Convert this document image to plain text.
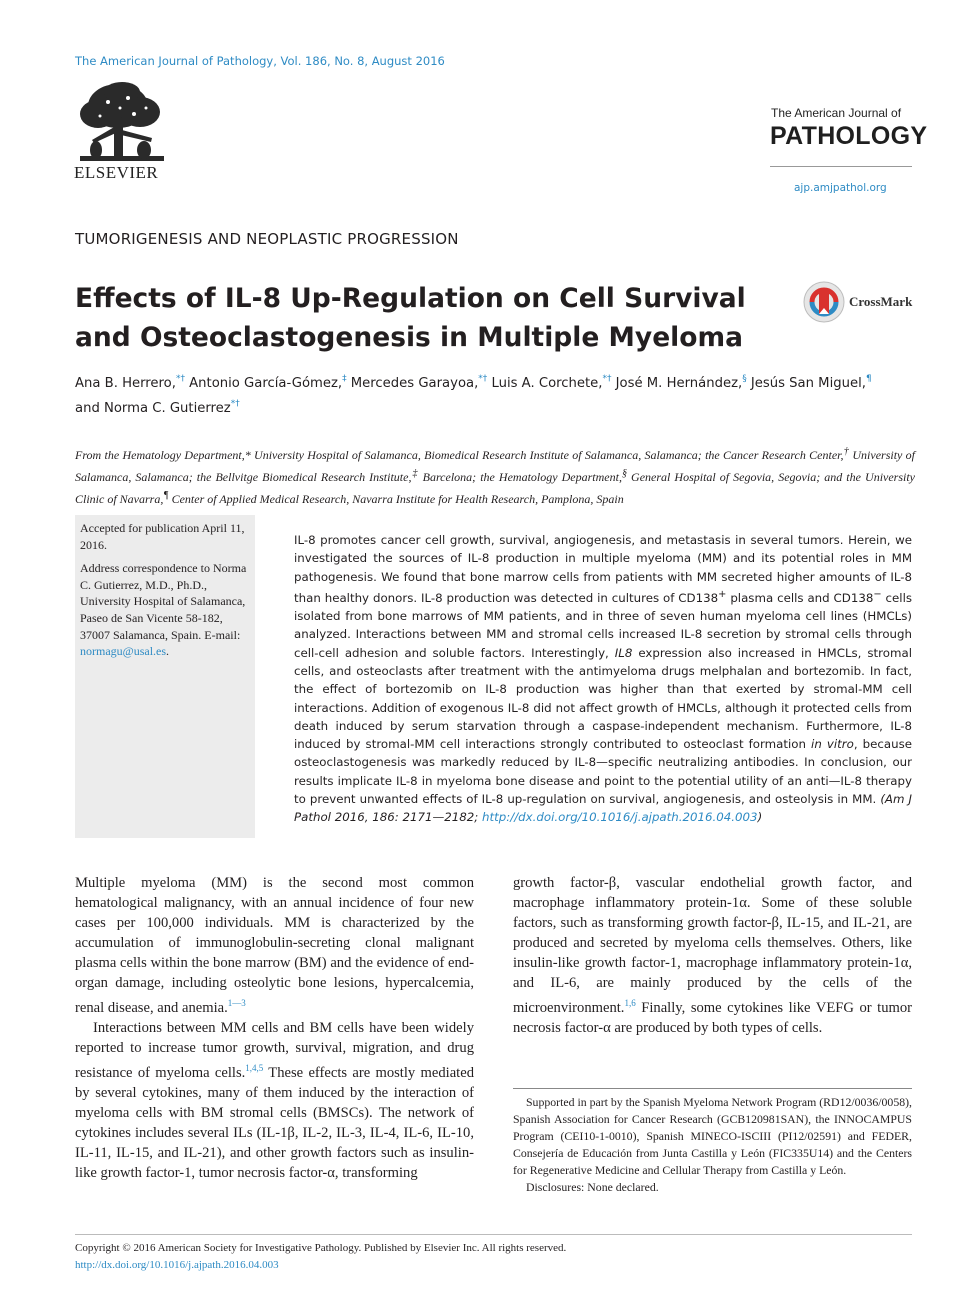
The American Journal of Pathology, Vol. 186, No. 8, August 2016
ELSEVIER
The American Journal of
PATHOLOGY
ajp.amjpathol.org
TUMORIGENESIS AND NEOPLASTIC PROGRESSION
Effects of IL-8 Up-Regulation on Cell Survival and Osteoclastogenesis in Multiple Myeloma
CrossMark
Ana B. Herrero,*† Antonio García-Gómez,‡ Mercedes Garayoa,*† Luis A. Corchete,*† José M. Hernández,§ Jesús San Miguel,¶
and Norma C. Gutierrez*†
From the Hematology Department,* University Hospital of Salamanca, Biomedical Research Institute of Salamanca, Salamanca; the Cancer Research Center,† University of Salamanca, Salamanca; the Bellvitge Biomedical Research Institute,‡ Barcelona; the Hematology Department,§ General Hospital of Segovia, Segovia; and the University Clinic of Navarra,¶ Center of Applied Medical Research, Navarra Institute for Health Research, Pamplona, Spain

Accepted for publication April 11, 2016.

Address correspondence to Norma C. Gutierrez, M.D., Ph.D., University Hospital of Salamanca, Paseo de San Vicente 58-182, 37007 Salamanca, Spain. E-mail: normagu@usal.es.

IL-8 promotes cancer cell growth, survival, angiogenesis, and metastasis in several tumors. Herein, we investigated the sources of IL-8 production in multiple myeloma (MM) and its potential roles in MM pathogenesis. We found that bone marrow cells from patients with MM secreted higher amounts of IL-8 than healthy donors. IL-8 production was detected in cultures of CD138+ plasma cells and CD138− cells isolated from bone marrows of MM patients, and in three of seven human myeloma cell lines (HMCLs) analyzed. Interactions between MM and stromal cells increased IL-8 secretion by stromal cells through cell-cell adhesion and soluble factors. Interestingly, IL8 expression also increased in HMCLs, stromal cells, and osteoclasts after treatment with the antimyeloma drugs melphalan and bortezomib. In fact, the effect of bortezomib on IL-8 production was higher than that exerted by stromal-MM cell interactions. Addition of exogenous IL-8 did not affect growth of HMCLs, although it protected cells from death induced by serum starvation through a caspase-independent mechanism. Furthermore, IL-8 induced by stromal-MM cell interactions strongly contributed to osteoclast formation in vitro, because osteoclastogenesis was markedly reduced by IL-8—specific neutralizing antibodies. In conclusion, our results implicate IL-8 in myeloma bone disease and point to the potential utility of an anti—IL-8 therapy to prevent unwanted effects of IL-8 up-regulation on survival, angiogenesis, and osteolysis in MM. (Am J Pathol 2016, 186: 2171—2182; http://dx.doi.org/10.1016/j.ajpath.2016.04.003)

Multiple myeloma (MM) is the second most common hematological malignancy, with an annual incidence of four new cases per 100,000 individuals. MM is characterized by the accumulation of immunoglobulin-secreting clonal malignant plasma cells within the bone marrow (BM) and the evidence of end-organ damage, including osteolytic bone lesions, hypercalcemia, renal disease, and anemia.$^{1—3}$

Interactions between MM cells and BM cells have been widely reported to increase tumor growth, survival, migration, and drug resistance of myeloma cells.$^{1,4,5}$ These effects are mostly mediated by several cytokines, many of them induced by the interaction of myeloma cells with BM stromal cells (BMSCs). The network of cytokines includes several ILs (IL-1β, IL-2, IL-3, IL-4, IL-6, IL-10, IL-11, IL-15, and IL-21), and other growth factors such as insulin-like growth factor-1, tumor necrosis factor-α, transforming

growth factor-β, vascular endothelial growth factor, and macrophage inflammatory protein-1α. Some of these soluble factors, such as transforming growth factor-β, IL-15, and IL-21, are produced and secreted by myeloma cells themselves. Others, like insulin-like growth factor-1, macrophage inflammatory protein-1α, and IL-6, are mainly produced by the cells of the microenvironment.$^{1,6}$ Finally, some cytokines like VEFG or tumor necrosis factor-α are produced by both types of cells.

Supported in part by the Spanish Myeloma Network Program (RD12/0036/0058), Spanish Association for Cancer Research (GCB120981SAN), the INNOCAMPUS Program (CEI10-1-0010), Spanish MINECO-ISCIII (PI12/02591) and FEDER, Consejería de Educación from Junta Castilla y León (FIC335U14) and the Centers for Regenerative Medicine and Cellular Therapy from Castilla y León.

Disclosures: None declared.

Copyright © 2016 American Society for Investigative Pathology. Published by Elsevier Inc. All rights reserved.
http://dx.doi.org/10.1016/j.ajpath.2016.04.003
